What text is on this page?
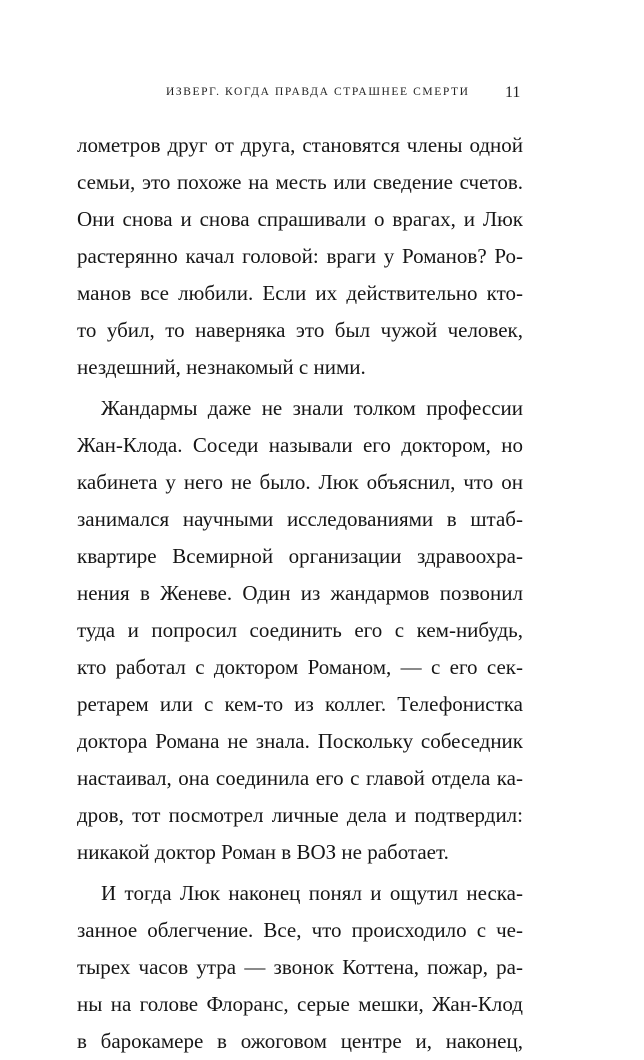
ИЗВЕРГ. КОГДА ПРАВДА СТРАШНЕЕ СМЕРТИ 11
лометров друг от друга, становятся члены одной
семьи, это похоже на месть или сведение счетов.
Они снова и снова спрашивали о врагах, и Люк
растерянно качал головой: враги у Романов? Ро-
манов все любили. Если их действительно кто-
то убил, то наверняка это был чужой человек,
нездешний, незнакомый с ними.
Жандармы даже не знали толком профессии
Жан-Клода. Соседи называли его доктором, но
кабинета у него не было. Люк объяснил, что он
занимался научными исследованиями в штаб-
квартире Всемирной организации здравоохра-
нения в Женеве. Один из жандармов позвонил
туда и попросил соединить его с кем-нибудь,
кто работал с доктором Романом, — с его сек-
ретарем или с кем-то из коллег. Телефонистка
доктора Романа не знала. Поскольку собеседник
настаивал, она соединила его с главой отдела ка-
дров, тот посмотрел личные дела и подтвердил:
никакой доктор Роман в ВОЗ не работает.
И тогда Люк наконец понял и ощутил неска-
занное облегчение. Все, что происходило с че-
тырех часов утра — звонок Коттена, пожар, ра-
ны на голове Флоранс, серые мешки, Жан-Клод
в барокамере в ожоговом центре и, наконец,
